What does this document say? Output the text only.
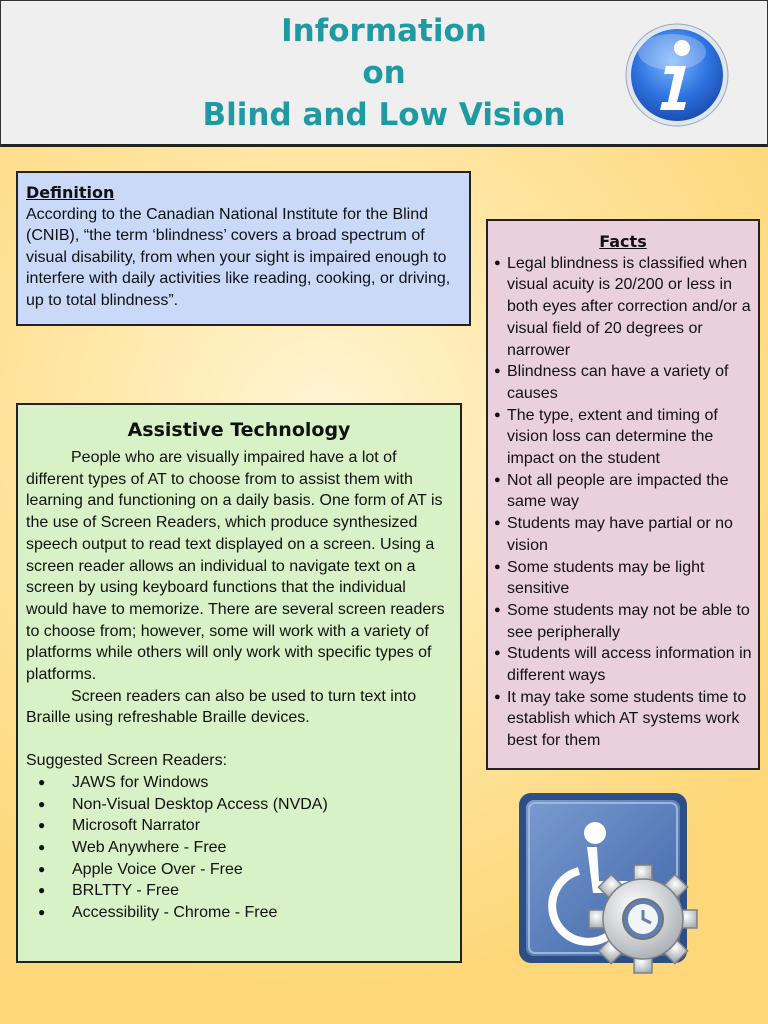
Information
on
Blind and Low Vision
Definition
According to the Canadian National Institute for the Blind (CNIB), “the term ‘blindness’ covers a broad spectrum of visual disability, from when your sight is impaired enough to interfere with daily activities like reading, cooking, or driving, up to total blindness”.
Facts
● Legal blindness is classified when visual acuity is 20/200 or less in both eyes after correction and/or a visual field of 20 degrees or narrower
● Blindness can have a variety of causes
● The type, extent and timing of vision loss can determine the impact on the student
● Not all people are impacted the same way
● Students may have partial or no vision
● Some students may be light sensitive
● Some students may not be able to see peripherally
● Students will access information in different ways
● It may take some students time to establish which AT systems work best for them
Assistive Technology

People who are visually impaired have a lot of different types of AT to choose from to assist them with learning and functioning on a daily basis. One form of AT is the use of Screen Readers, which produce synthesized speech output to read text displayed on a screen. Using a screen reader allows an individual to navigate text on a screen by using keyboard functions that the individual would have to memorize. There are several screen readers to choose from; however, some will work with a variety of platforms while others will only work with specific types of platforms.

Screen readers can also be used to turn text into Braille using refreshable Braille devices.

Suggested Screen Readers:

● JAWS for Windows
● Non-Visual Desktop Access (NVDA)
● Microsoft Narrator
● Web Anywhere - Free
● Apple Voice Over - Free
● BRLTTY - Free
● Accessibility - Chrome - Free
